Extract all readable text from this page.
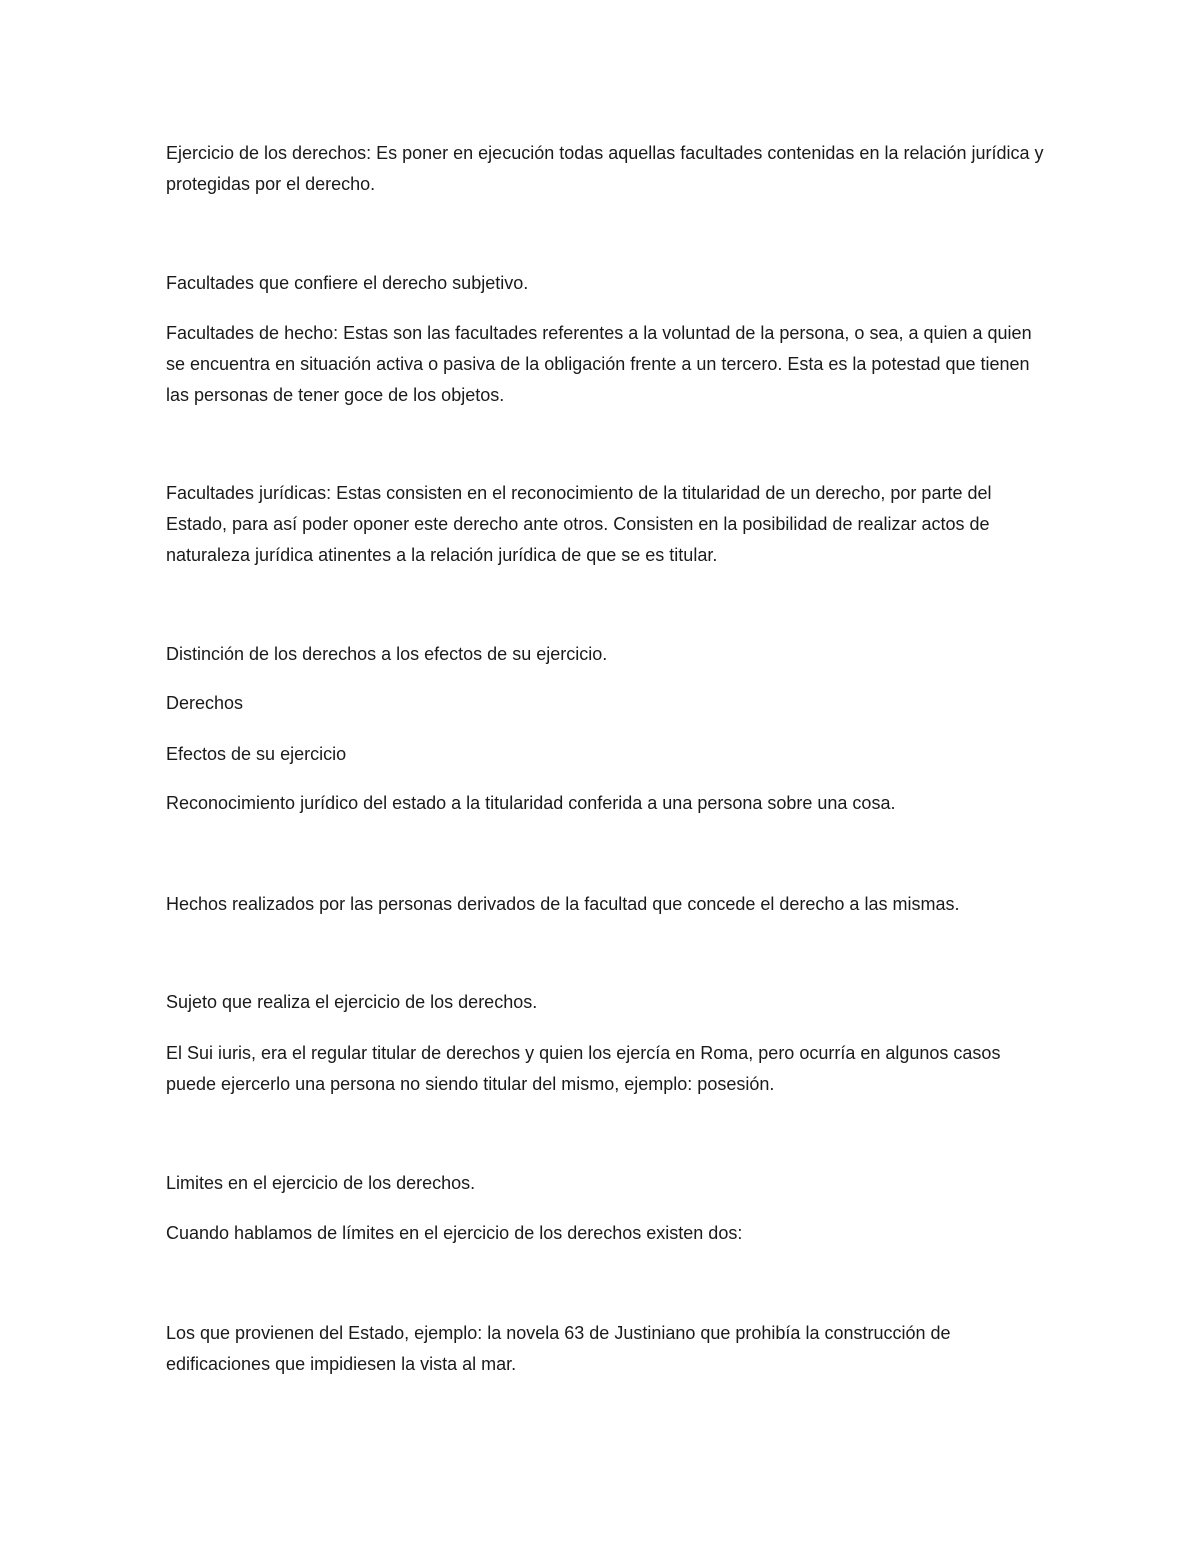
Ejercicio de los derechos: Es poner en ejecución todas aquellas facultades contenidas en la relación jurídica y protegidas por el derecho.

Facultades que confiere el derecho subjetivo.

Facultades de hecho: Estas son las facultades referentes a la voluntad de la persona, o sea, a quien a quien se encuentra en situación activa o pasiva de la obligación frente a un tercero. Esta es la potestad que tienen las personas de tener goce de los objetos.

Facultades jurídicas: Estas consisten en el reconocimiento de la titularidad de un derecho, por parte del Estado, para así poder oponer este derecho ante otros. Consisten en la posibilidad de realizar actos de naturaleza jurídica atinentes a la relación jurídica de que se es titular.

Distinción de los derechos a los efectos de su ejercicio.

Derechos

Efectos de su ejercicio

Reconocimiento jurídico del estado a la titularidad conferida a una persona sobre una cosa.

Hechos realizados por las personas derivados de la facultad que concede el derecho a las mismas.

Sujeto que realiza el ejercicio de los derechos.

El Sui iuris, era el regular titular de derechos y quien los ejercía en Roma, pero ocurría en algunos casos puede ejercerlo una persona no siendo titular del mismo, ejemplo: posesión.

Limites en el ejercicio de los derechos.

Cuando hablamos de límites en el ejercicio de los derechos existen dos:

Los que provienen del Estado, ejemplo: la novela 63 de Justiniano que prohibía la construcción de edificaciones que impidiesen la vista al mar.
